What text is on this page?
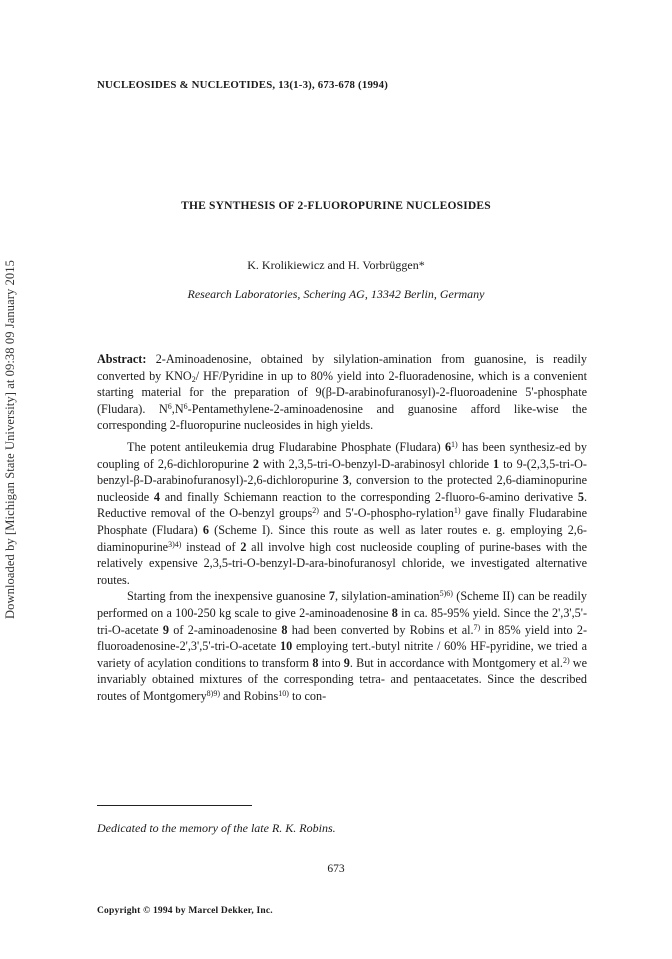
Downloaded by [Michigan State University] at 09:38 09 January 2015
NUCLEOSIDES & NUCLEOTIDES, 13(1-3), 673-678 (1994)
THE SYNTHESIS OF 2-FLUOROPURINE NUCLEOSIDES
K. Krolikiewicz and H. Vorbrüggen*
Research Laboratories, Schering AG, 13342 Berlin, Germany

Abstract: 2-Aminoadenosine, obtained by silylation-amination from guanosine, is readily converted by $KNO_2/$ HF/Pyridine in up to 80% yield into 2-fluoradenosine, which is a convenient starting material for the preparation of 9(β-D-arabinofuranosyl)-2-fluoroadenine 5'-phosphate (Fludara). $N^6,N^6-Pentamethylene-2$-aminoadenosine and guanosine afford like-wise the corresponding 2-fluoropurine nucleosides in high yields.

The potent antileukemia drug Fludarabine Phosphate (Fludara) 6$^{1)}$ has been synthesiz-ed by coupling of 2,6-dichloropurine 2 with 2,3,5-tri-O-benzyl-D-arabinosyl chloride 1 to 9-(2,3,5-tri-O-benzyl-β-D-arabinofuranosyl)-2,6-dichloropurine 3, conversion to the protected 2,6-diaminopurine nucleoside 4 and finally Schiemann reaction to the corresponding 2-fluoro-6-amino derivative 5. Reductive removal of the O-benzyl groups$^{2)}$ and 5'-O-phospho-rylation$^{1)}$ gave finally Fludarabine Phosphate (Fludara) 6 (Scheme I). Since this route as well as later routes e. g. employing 2,6-diaminopurine$^{3)4)}$ instead of 2 all involve high cost nucleoside coupling of purine-bases with the relatively expensive 2,3,5-tri-O-benzyl-D-ara-binofuranosyl chloride, we investigated alternative routes.

Starting from the inexpensive guanosine 7, silylation-amination$^{5)6)}$ (Scheme II) can be readily performed on a 100-250 kg scale to give 2-aminoadenosine 8 in ca. 85-95% yield. Since the 2',3',5'-tri-O-acetate 9 of 2-aminoadenosine 8 had been converted by Robins et al.$^{7)}$ in 85% yield into 2-fluoroadenosine-2',3',5'-tri-O-acetate 10 employing tert.-butyl nitrite / 60% HF-pyridine, we tried a variety of acylation conditions to transform 8 into 9. But in accordance with Montgomery et al.$^{2)}$ we invariably obtained mixtures of the corresponding tetra- and pentaacetates. Since the described routes of Montgomery$^{8)9)}$ and Robins$^{10)}$ to con-

Dedicated to the memory of the late R. K. Robins.
673
Copyright © 1994 by Marcel Dekker, Inc.
